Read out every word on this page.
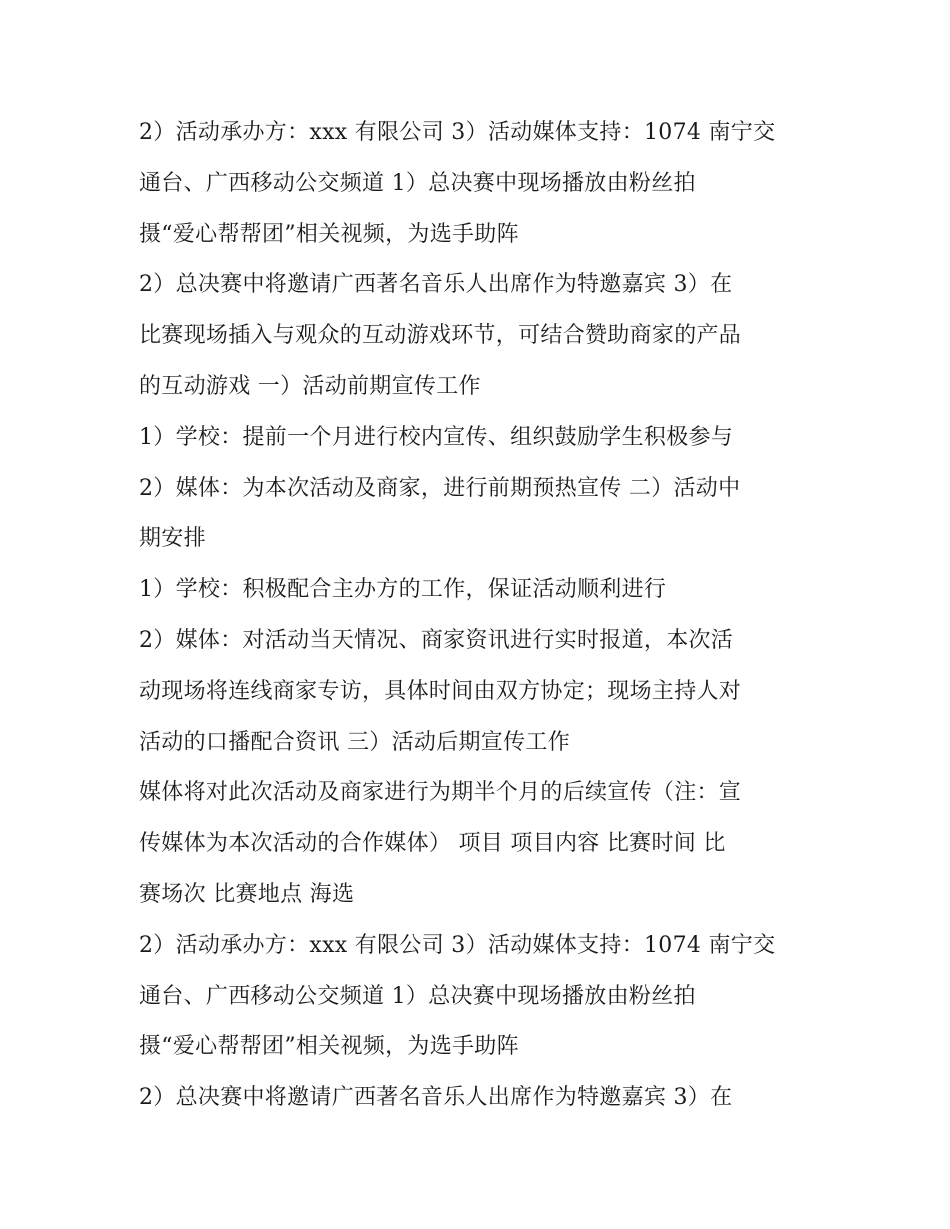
2）活动承办方：xxx 有限公司 3）活动媒体支持：1074 南宁交
通台、广西移动公交频道 1）总决赛中现场播放由粉丝拍
摄“爱心帮帮团”相关视频，为选手助阵
2）总决赛中将邀请广西著名音乐人出席作为特邀嘉宾 3）在
比赛现场插入与观众的互动游戏环节，可结合赞助商家的产品
的互动游戏 一）活动前期宣传工作
1）学校：提前一个月进行校内宣传、组织鼓励学生积极参与
2）媒体：为本次活动及商家，进行前期预热宣传 二）活动中
期安排
1）学校：积极配合主办方的工作，保证活动顺利进行
2）媒体：对活动当天情况、商家资讯进行实时报道，本次活
动现场将连线商家专访，具体时间由双方协定；现场主持人对
活动的口播配合资讯 三）活动后期宣传工作
媒体将对此次活动及商家进行为期半个月的后续宣传（注：宣
传媒体为本次活动的合作媒体） 项目 项目内容 比赛时间 比
赛场次 比赛地点 海选
2）活动承办方：xxx 有限公司 3）活动媒体支持：1074 南宁交
通台、广西移动公交频道 1）总决赛中现场播放由粉丝拍
摄“爱心帮帮团”相关视频，为选手助阵
2）总决赛中将邀请广西著名音乐人出席作为特邀嘉宾 3）在
